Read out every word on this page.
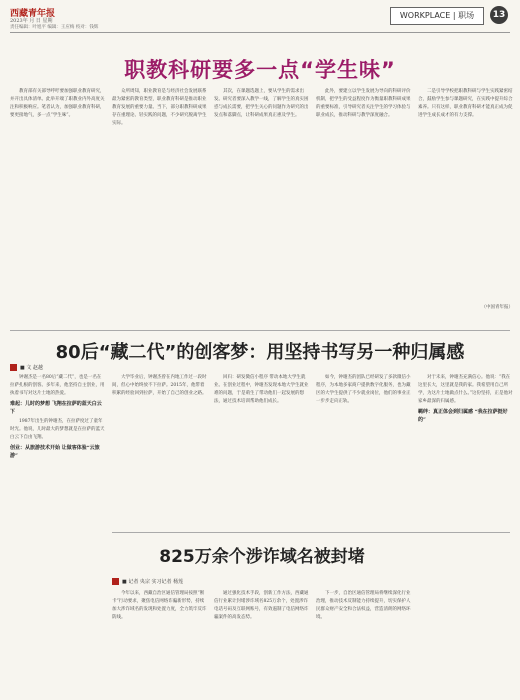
西藏青年报
2023年 月 日 星期
责任编辑：叶旭平 编辑：王应梅 校对：钱辉
WORKPLACE | 职场	13
职教科研要多一点“学生味”

教育部有关部导呼吁要加强职业教育研究，并开出具体清单。此举开端了职教业内外高度关注和积极响应。笔者认为，加强职业教育科研，要更接地气，多一点“学生味”。

众所周知，职业教育是与经济社会发展联系最为紧密的教育类型，职业教育科研是推动职业教育发展的重要力量。当下，部分职教科研成果存在重理论、轻实践的问题，不少研究脱离学生实际。

其次，在课题选题上，要从学生的需求出发。研究者要深入教学一线，了解学生的真实困惑与成长需要，把学生关心的问题作为研究的出发点和落脚点，让科研成果真正惠及学生。

此外，要建立以学生发展为导向的科研评价机制，把学生的受益程度作为衡量职教科研成果的重要标准，引导研究者关注学生的学习体验与职业成长，推动科研与教学深度融合。

二是引导学校把职教科研与学生实践紧密结合，鼓励学生参与课题研究，在实践中提升综合素养。只有这样，职业教育科研才能真正成为促进学生成长成才的有力支撑。

（中国青年报）
80后“藏二代”的创客梦：用坚持书写另一种归属感
■ 文 赵越

钟谢杰是一名80后“藏二代”，也是一名在拉萨扎根的创客。多年来，他坚持自主创业，用执着书写对这片土地的热爱。

难起：儿时的梦想 飞翔在拉萨的蓝天白云下

1987年出生的钟谢杰，在拉萨度过了童年时光。他说，儿时最大的梦想就是在拉萨的蓝天白云下自由飞翔。

创业：从旅游技术开始 让做客体验“云旅游”

大学毕业后，钟谢杰曾在内地工作过一段时间，但心中始终放不下拉萨。2015年，他带着积累的经验回到拉萨，开始了自己的创业之路。

回归：研发微信小程序 带动本地大学生就业。在创业过程中，钟谢杰发现本地大学生就业难的问题，于是萌生了带动他们一起发展的想法，通过技术培训帮助他们成长。

如今，钟谢杰的团队已经研发了多款微信小程序，为本地多家商户提供数字化服务，也为藏区的大学生提供了不少就业岗位，他们的事业正一步步走向正轨。

对于未来，钟谢杰充满信心。他说：“我在这里长大，这里就是我的家。我希望用自己所学，为这片土地做点什么。”这份坚持，正是他对家乡最深的归属感。

羁绊：真正体会到归属感 “我在拉萨挺好的”
825万余个涉诈域名被封堵
■ 记者 央宗 实习记者 杨莲

今年以来，西藏自治区通信管理局按照“断卡”行动要求，聚焦电信网络诈骗新形势，持续加大涉诈域名的发现和处置力度，全力筑牢反诈防线。

通过强化技术手段，创新工作方法，西藏通信行业累计封堵涉诈域名825万余个，处置涉诈电话号码及互联网账号，有效遏制了电信网络诈骗案件的高发态势。

下一步，自治区通信管理局将继续深化行业治理，推动技术反制能力持续提升，切实保护人民群众财产安全和合法权益，营造清朗的网络环境。
